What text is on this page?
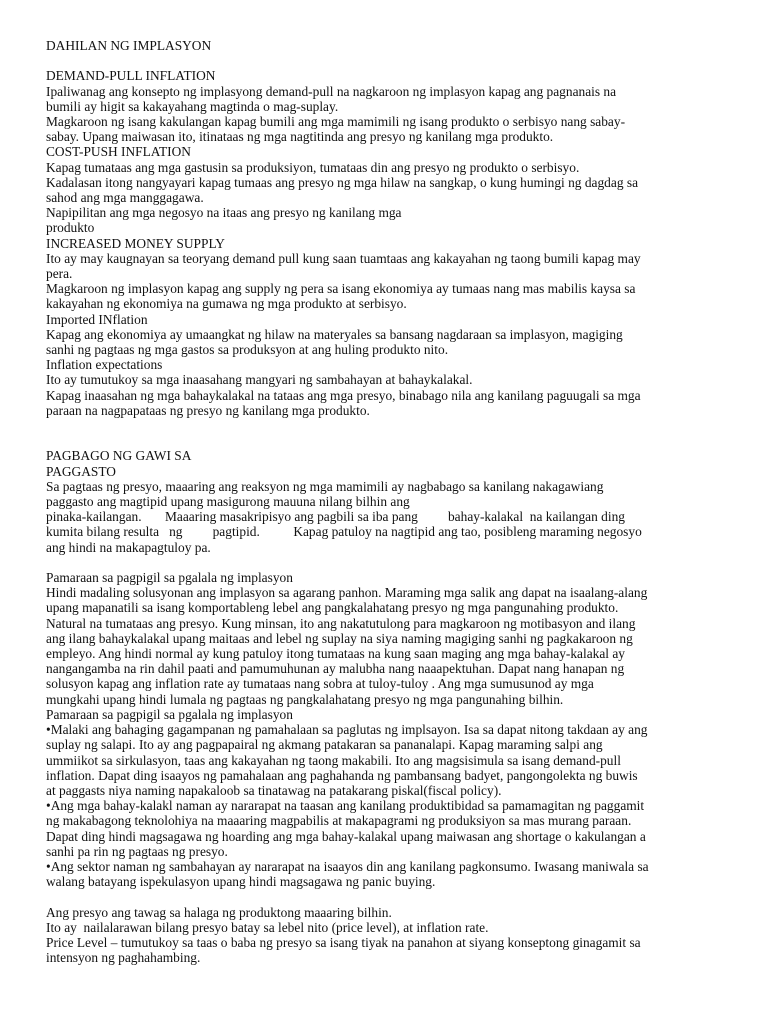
DAHILAN NG IMPLASYON
DEMAND-PULL INFLATION
Ipaliwanag ang konsepto ng implasyong demand-pull na nagkaroon ng implasyon kapag ang pagnanais na
bumili ay higit sa kakayahang magtinda o mag-suplay.
Magkaroon ng isang kakulangan kapag bumili ang mga mamimili ng isang produkto o serbisyo nang sabay-
sabay. Upang maiwasan ito, itinataas ng mga nagtitinda ang presyo ng kanilang mga produkto.
COST-PUSH INFLATION
Kapag tumataas ang mga gastusin sa produksiyon, tumataas din ang presyo ng produkto o serbisyo.
Kadalasan itong nangyayari kapag tumaas ang presyo ng mga hilaw na sangkap, o kung humingi ng dagdag sa
sahod ang mga manggagawa.
Napipilitan ang mga negosyo na itaas ang presyo ng kanilang mga
produkto
INCREASED MONEY SUPPLY
Ito ay may kaugnayan sa teoryang demand pull kung saan tuamtaas ang kakayahan ng taong bumili kapag may
pera.
Magkaroon ng implasyon kapag ang supply ng pera sa isang ekonomiya ay tumaas nang mas mabilis kaysa sa
kakayahan ng ekonomiya na gumawa ng mga produkto at serbisyo.
Imported INflation
Kapag ang ekonomiya ay umaangkat ng hilaw na materyales sa bansang nagdaraan sa implasyon, magiging
sanhi ng pagtaas ng mga gastos sa produksyon at ang huling produkto nito.
Inflation expectations
Ito ay tumutukoy sa mga inaasahang mangyari ng sambahayan at bahaykalakal.
Kapag inaasahan ng mga bahaykalakal na tataas ang mga presyo, binabago nila ang kanilang paguugali sa mga
paraan na nagpapataas ng presyo ng kanilang mga produkto.
PAGBAGO NG GAWI SA
PAGGASTO
Sa pagtaas ng presyo, maaaring ang reaksyon ng mga mamimili ay nagbabago sa kanilang nakagawiang
paggasto ang magtipid upang masigurong mauuna nilang bilhin ang
pinaka-kailangan.       Maaaring masakripisyo ang pagbili sa iba pang         bahay-kalakal  na kailangan ding
kumita bilang resulta   ng         pagtipid.          Kapag patuloy na nagtipid ang tao, posibleng maraming negosyo
ang hindi na makapagtuloy pa.
Pamaraan sa pagpigil sa pgalala ng implasyon
Hindi madaling solusyonan ang implasyon sa agarang panhon. Maraming mga salik ang dapat na isaalang-alang
upang mapanatili sa isang komportableng lebel ang pangkalahatang presyo ng mga pangunahing produkto.
Natural na tumataas ang presyo. Kung minsan, ito ang nakatutulong para magkaroon ng motibasyon and ilang
ang ilang bahaykalakal upang maitaas and lebel ng suplay na siya naming magiging sanhi ng pagkakaroon ng
empleyo. Ang hindi normal ay kung patuloy itong tumataas na kung saan maging ang mga bahay-kalakal ay
nangangamba na rin dahil paati and pamumuhunan ay malubha nang naaapektuhan. Dapat nang hanapan ng
solusyon kapag ang inflation rate ay tumataas nang sobra at tuloy-tuloy . Ang mga sumusunod ay mga
mungkahi upang hindi lumala ng pagtaas ng pangkalahatang presyo ng mga pangunahing bilhin.
Pamaraan sa pagpigil sa pgalala ng implasyon
•Malaki ang bahaging gagampanan ng pamahalaan sa paglutas ng implsayon. Isa sa dapat nitong takdaan ay ang
suplay ng salapi. Ito ay ang pagpapairal ng akmang patakaran sa pananalapi. Kapag maraming salpi ang
ummiikot sa sirkulasyon, taas ang kakayahan ng taong makabili. Ito ang magsisimula sa isang demand-pull
inflation. Dapat ding isaayos ng pamahalaan ang paghahanda ng pambansang badyet, pangongolekta ng buwis
at paggasts niya naming napakaloob sa tinatawag na patakarang piskal(fiscal policy).
•Ang mga bahay-kalakl naman ay nararapat na taasan ang kanilang produktibidad sa pamamagitan ng paggamit
ng makabagong teknolohiya na maaaring magpabilis at makapagrami ng produksiyon sa mas murang paraan.
Dapat ding hindi magsagawa ng hoarding ang mga bahay-kalakal upang maiwasan ang shortage o kakulangan a
sanhi pa rin ng pagtaas ng presyo.
•Ang sektor naman ng sambahayan ay nararapat na isaayos din ang kanilang pagkonsumo. Iwasang maniwala sa
walang batayang ispekulasyon upang hindi magsagawa ng panic buying.
Ang presyo ang tawag sa halaga ng produktong maaaring bilhin.
Ito ay  nailalarawan bilang presyo batay sa lebel nito (price level), at inflation rate.
Price Level – tumutukoy sa taas o baba ng presyo sa isang tiyak na panahon at siyang konseptong ginagamit sa
intensyon ng paghahambing.
